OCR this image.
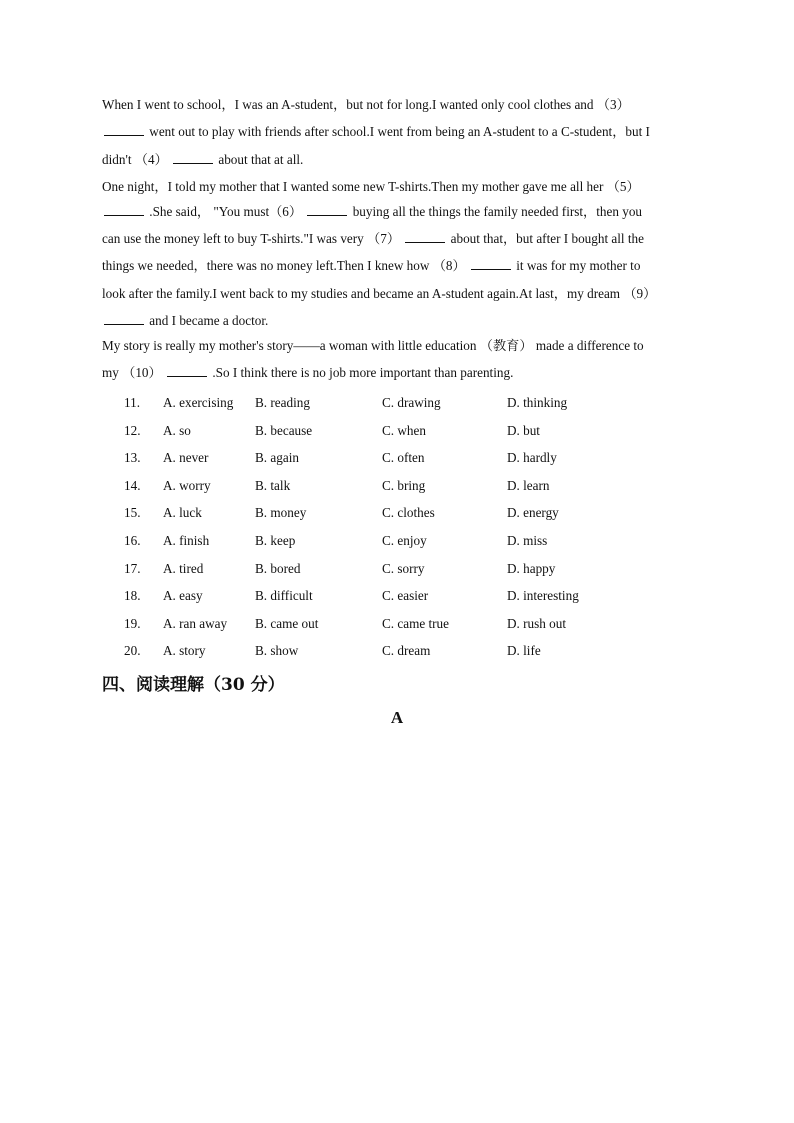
When I went to school，I was an A-student，but not for long.I wanted only cool clothes and （3）
went out to play with friends after school.I went from being an A-student to a C-student，but I
didn't （4）	about that at all.
One night，I told my mother that I wanted some new T-shirts.Then my mother gave me all her （5）
.She said， "You must（6）	buying all the things the family needed first，then you
can use the money left to buy T-shirts."I was very （7）	about that，but after I bought all the
things we needed，there was no money left.Then I knew how （8）	it was for my mother to
look after the family.I went back to my studies and became an A-student again.At last，my dream （9）
and I became a doctor.
My story is really my mother's story——a woman with little education （教育） made a difference to
my （10）	.So I think there is no job more important than parenting.
11. A. exercising B. reading	C. drawing	D. thinking
12. A. so	B. because	C. when	D. but
13. A. never	B. again	C. often	D. hardly
14. A. worry	B. talk	C. bring	D. learn
15. A. luck	B. money	C. clothes	D. energy
16. A. finish	B. keep	C. enjoy	D. miss
17. A. tired	B. bored	C. sorry	D. happy
18. A. easy	B. difficult	C. easier	D. interesting
19. A. ran away B. came out	C. came true	D. rush out
20. A. story	B. show	C. dream	D. life
四、阅读理解（30 分）
A
